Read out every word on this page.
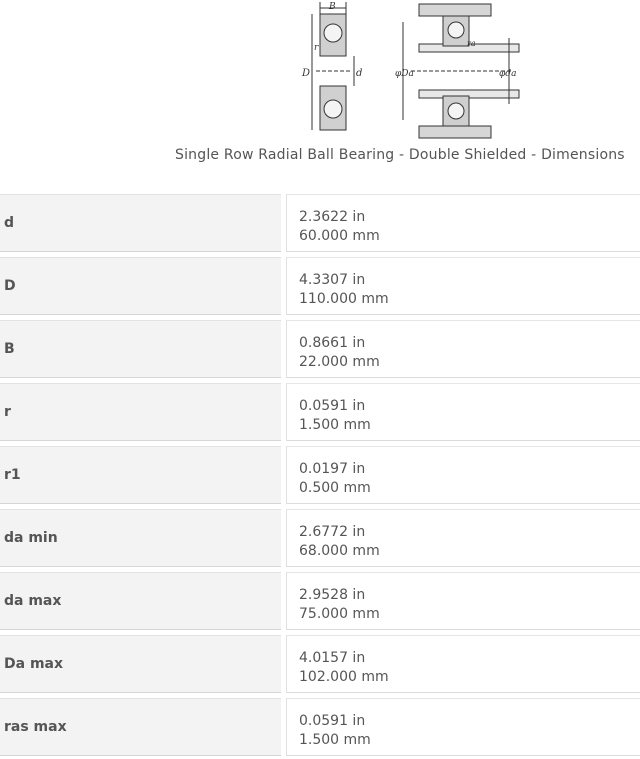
B
r
D	d
ra
φDa	φda
Single Row Radial Ball Bearing - Double Shielded - Dimensions
d	2.3622 in
60.000 mm
D	4.3307 in
110.000 mm
B	0.8661 in
22.000 mm
r	0.0591 in
1.500 mm
r1	0.0197 in
0.500 mm
da min	2.6772 in
68.000 mm
da max	2.9528 in
75.000 mm
Da max	4.0157 in
102.000 mm
ras max	0.0591 in
1.500 mm
